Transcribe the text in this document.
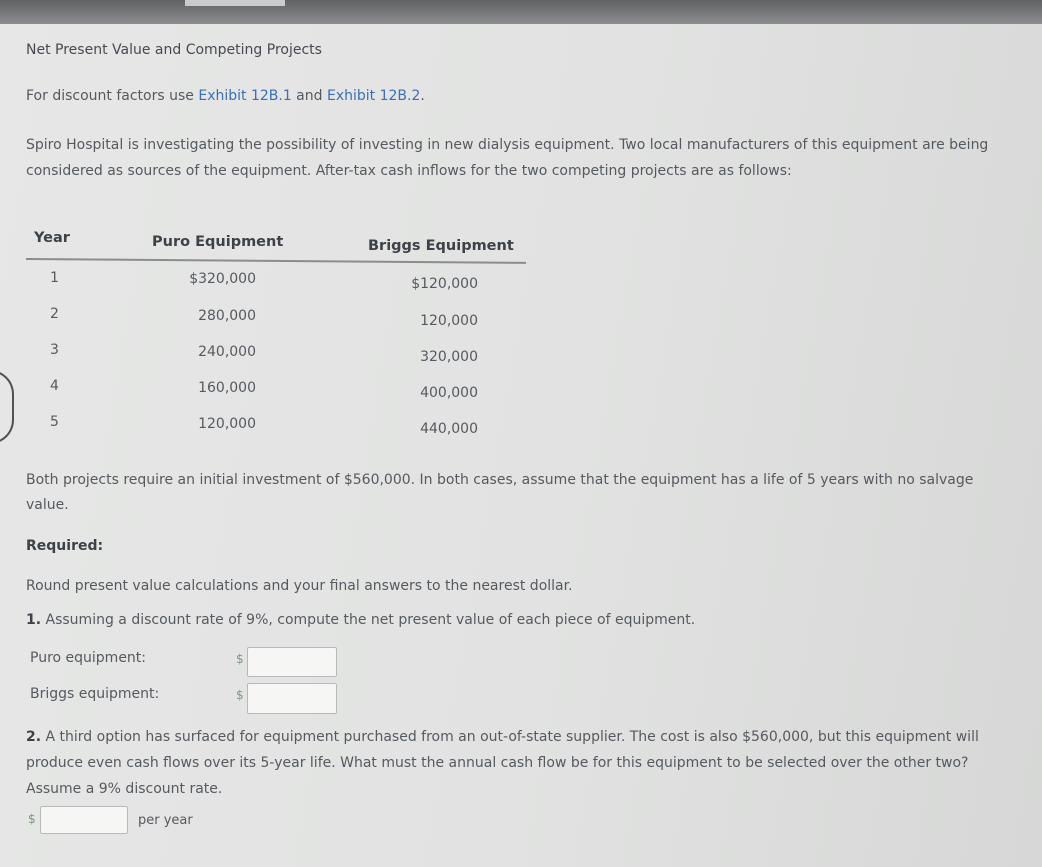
Net Present Value and Competing Projects
For discount factors use Exhibit 12B.1 and Exhibit 12B.2.
Spiro Hospital is investigating the possibility of investing in new dialysis equipment. Two local manufacturers of this equipment are being considered as sources of the equipment. After-tax cash inflows for the two competing projects are as follows:
Year	Puro Equipment	Briggs Equipment
1	$320,000	$120,000
2	280,000	120,000
3	240,000	320,000
4	160,000	400,000
5	120,000	440,000
Both projects require an initial investment of $560,000. In both cases, assume that the equipment has a life of 5 years with no salvage value.
Required:
Round present value calculations and your final answers to the nearest dollar.
1. Assuming a discount rate of 9%, compute the net present value of each piece of equipment.
Puro equipment:	$
Briggs equipment:	$
2. A third option has surfaced for equipment purchased from an out-of-state supplier. The cost is also $560,000, but this equipment will produce even cash flows over its 5-year life. What must the annual cash flow be for this equipment to be selected over the other two? Assume a 9% discount rate.
$	per year
